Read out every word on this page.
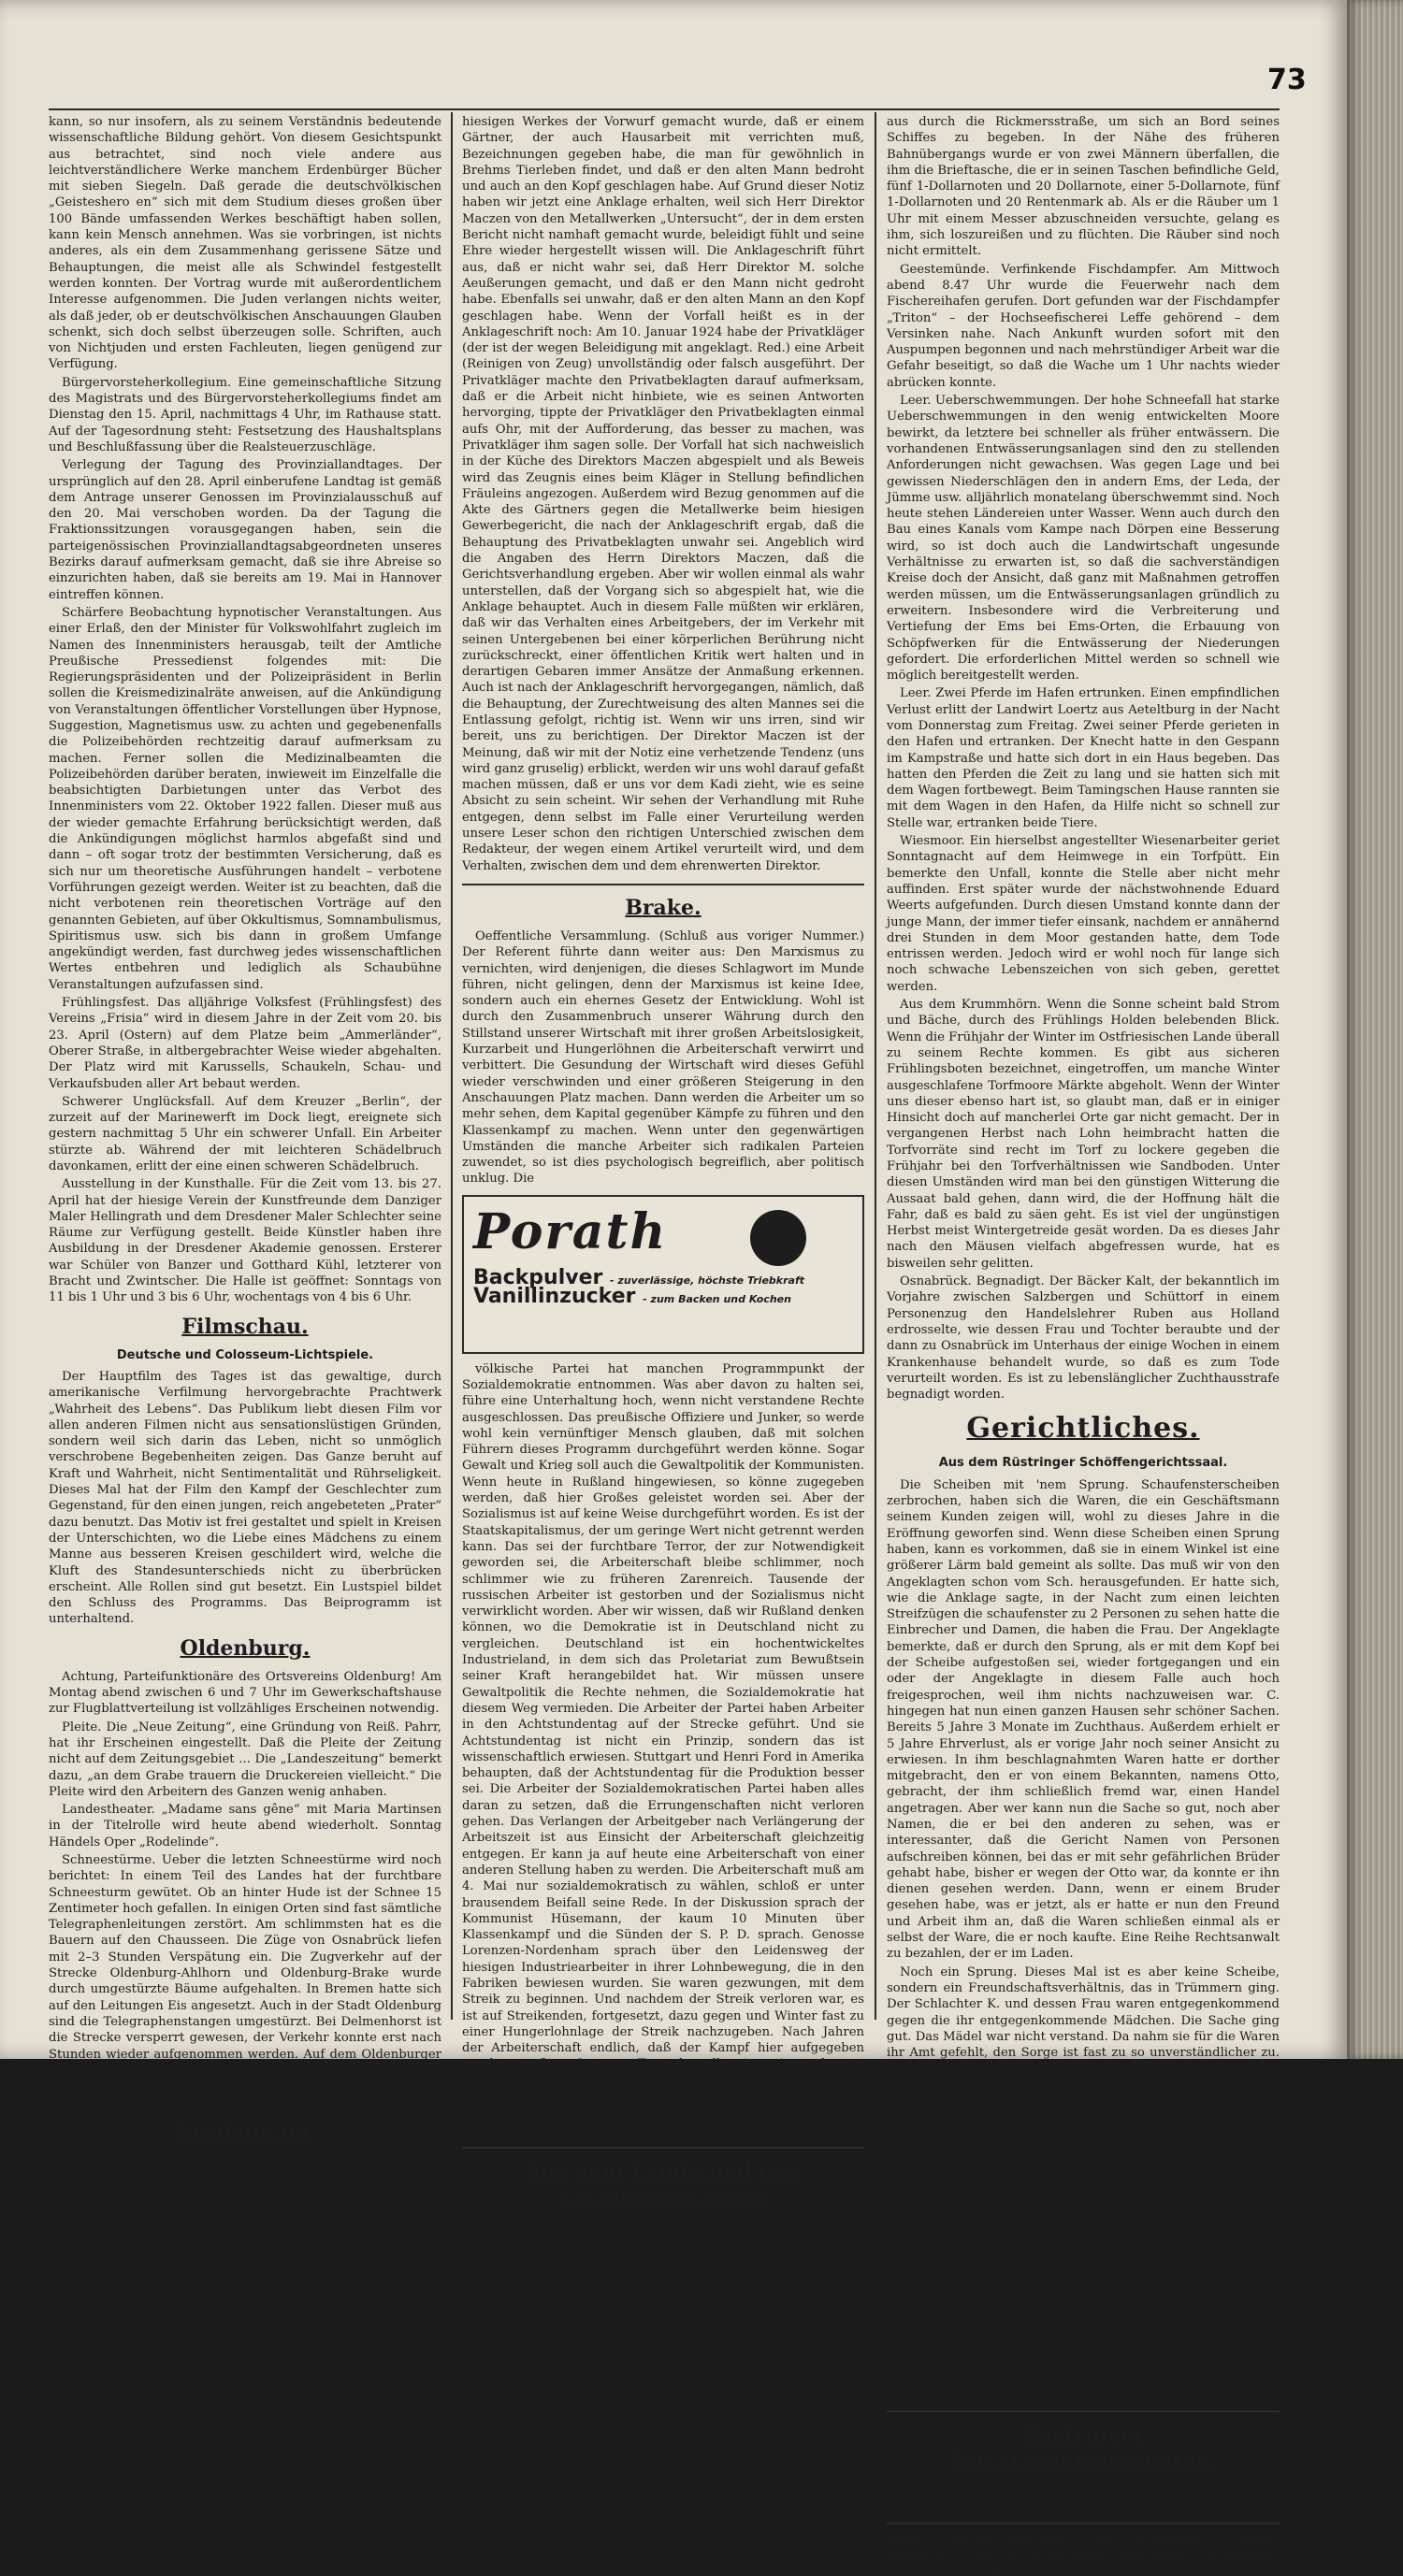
73

kann, so nur insofern, als zu seinem Verständnis bedeutende wissenschaftliche Bildung gehört. Von diesem Gesichtspunkt aus betrachtet, sind noch viele andere aus leichtverständlichere Werke manchem Erdenbürger Bücher mit sieben Siegeln. Daß gerade die deutschvölkischen „Geisteshero en“ sich mit dem Studium dieses großen über 100 Bände umfassenden Werkes beschäftigt haben sollen, kann kein Mensch annehmen. Was sie vorbringen, ist nichts anderes, als ein dem Zusammenhang gerissene Sätze und Behauptungen, die meist alle als Schwindel festgestellt werden konnten. Der Vortrag wurde mit außerordentlichem Interesse aufgenommen. Die Juden verlangen nichts weiter, als daß jeder, ob er deutschvölkischen Anschauungen Glauben schenkt, sich doch selbst überzeugen solle. Schriften, auch von Nichtjuden und ersten Fachleuten, liegen genügend zur Verfügung.

Bürgervorsteherkollegium. Eine gemeinschaftliche Sitzung des Magistrats und des Bürgervorsteherkollegiums findet am Dienstag den 15. April, nachmittags 4 Uhr, im Rathause statt. Auf der Tagesordnung steht: Festsetzung des Haushaltsplans und Beschlußfassung über die Realsteuerzuschläge.

Verlegung der Tagung des Provinziallandtages. Der ursprünglich auf den 28. April einberufene Landtag ist gemäß dem Antrage unserer Genossen im Provinzialausschuß auf den 20. Mai verschoben worden. Da der Tagung die Fraktionssitzungen vorausgegangen haben, sein die parteigenössischen Provinziallandtagsabgeordneten unseres Bezirks darauf aufmerksam gemacht, daß sie ihre Abreise so einzurichten haben, daß sie bereits am 19. Mai in Hannover eintreffen können.

Schärfere Beobachtung hypnotischer Veranstaltungen. Aus einer Erlaß, den der Minister für Volkswohlfahrt zugleich im Namen des Innenministers herausgab, teilt der Amtliche Preußische Pressedienst folgendes mit: Die Regierungspräsidenten und der Polizeipräsident in Berlin sollen die Kreismedizinalräte anweisen, auf die Ankündigung von Veranstaltungen öffentlicher Vorstellungen über Hypnose, Suggestion, Magnetismus usw. zu achten und gegebenenfalls die Polizeibehörden rechtzeitig darauf aufmerksam zu machen. Ferner sollen die Medizinalbeamten die Polizeibehörden darüber beraten, inwieweit im Einzelfalle die beabsichtigten Darbietungen unter das Verbot des Innenministers vom 22. Oktober 1922 fallen. Dieser muß aus der wieder gemachte Erfahrung berücksichtigt werden, daß die Ankündigungen möglichst harmlos abgefaßt sind und dann – oft sogar trotz der bestimmten Versicherung, daß es sich nur um theoretische Ausführungen handelt – verbotene Vorführungen gezeigt werden. Weiter ist zu beachten, daß die nicht verbotenen rein theoretischen Vorträge auf den genannten Gebieten, auf über Okkultismus, Somnambulismus, Spiritismus usw. sich bis dann in großem Umfange angekündigt werden, fast durchweg jedes wissenschaftlichen Wertes entbehren und lediglich als Schaubühne Veranstaltungen aufzufassen sind.

Frühlingsfest. Das alljährige Volksfest (Frühlingsfest) des Vereins „Frisia“ wird in diesem Jahre in der Zeit vom 20. bis 23. April (Ostern) auf dem Platze beim „Ammerländer“, Oberer Straße, in altbergebrachter Weise wieder abgehalten. Der Platz wird mit Karussells, Schaukeln, Schau- und Verkaufsbuden aller Art bebaut werden.

Schwerer Unglücksfall. Auf dem Kreuzer „Berlin“, der zurzeit auf der Marinewerft im Dock liegt, ereignete sich gestern nachmittag 5 Uhr ein schwerer Unfall. Ein Arbeiter stürzte ab. Während der mit leichteren Schädelbruch davonkamen, erlitt der eine einen schweren Schädelbruch.

Ausstellung in der Kunsthalle. Für die Zeit vom 13. bis 27. April hat der hiesige Verein der Kunstfreunde dem Danziger Maler Hellingrath und dem Dresdener Maler Schlechter seine Räume zur Verfügung gestellt. Beide Künstler haben ihre Ausbildung in der Dresdener Akademie genossen. Ersterer war Schüler von Banzer und Gotthard Kühl, letzterer von Bracht und Zwintscher. Die Halle ist geöffnet: Sonntags von 11 bis 1 Uhr und 3 bis 6 Uhr, wochentags von 4 bis 6 Uhr.

Filmschau.
Deutsche und Colosseum-Lichtspiele.

Der Hauptfilm des Tages ist das gewaltige, durch amerikanische Verfilmung hervorgebrachte Prachtwerk „Wahrheit des Lebens“. Das Publikum liebt diesen Film vor allen anderen Filmen nicht aus sensationslüstigen Gründen, sondern weil sich darin das Leben, nicht so unmöglich verschrobene Begebenheiten zeigen. Das Ganze beruht auf Kraft und Wahrheit, nicht Sentimentalität und Rührseligkeit. Dieses Mal hat der Film den Kampf der Geschlechter zum Gegenstand, für den einen jungen, reich angebeteten „Prater“ dazu benutzt. Das Motiv ist frei gestaltet und spielt in Kreisen der Unterschichten, wo die Liebe eines Mädchens zu einem Manne aus besseren Kreisen geschildert wird, welche die Kluft des Standesunterschieds nicht zu überbrücken erscheint. Alle Rollen sind gut besetzt. Ein Lustspiel bildet den Schluss des Programms. Das Beiprogramm ist unterhaltend.

Oldenburg.

Achtung, Parteifunktionäre des Ortsvereins Oldenburg! Am Montag abend zwischen 6 und 7 Uhr im Gewerkschaftshause zur Flugblattverteilung ist vollzähliges Erscheinen notwendig.

Pleite. Die „Neue Zeitung“, eine Gründung von Reiß. Pahrr, hat ihr Erscheinen eingestellt. Daß die Pleite der Zeitung nicht auf dem Zeitungsgebiet ... Die „Landeszeitung“ bemerkt dazu, „an dem Grabe trauern die Druckereien vielleicht.“ Die Pleite wird den Arbeitern des Ganzen wenig anhaben.

Landestheater. „Madame sans gêne“ mit Maria Martinsen in der Titelrolle wird heute abend wiederholt. Sonntag Händels Oper „Rodelinde“.

Schneestürme. Ueber die letzten Schneestürme wird noch berichtet: In einem Teil des Landes hat der furchtbare Schneesturm gewütet. Ob an hinter Hude ist der Schnee 15 Zentimeter hoch gefallen. In einigen Orten sind fast sämtliche Telegraphenleitungen zerstört. Am schlimmsten hat es die Bauern auf den Chausseen. Die Züge von Osnabrück liefen mit 2–3 Stunden Verspätung ein. Die Zugverkehr auf der Strecke Oldenburg-Ahlhorn und Oldenburg-Brake wurde durch umgestürzte Bäume aufgehalten. In Bremen hatte sich auf den Leitungen Eis angesetzt. Auch in der Stadt Oldenburg sind die Telegraphenstangen umgestürzt. Bei Delmenhorst ist die Strecke versperrt gewesen, der Verkehr konnte erst nach Stunden wieder aufgenommen werden. Auf dem Oldenburger Chausseen nach der Strecke Zwischenahn sind 26 abgebrochene Telegraphenpfähle gezählt worden. – Auch am Rhein war eine gewaltige Schneesturm gewesen.

Nordenham.

Wir sollen vor den Kohl. Im Januar dieses Jahres druckte die „Republik“ einen Bericht ab, in welchem dem früheren

hiesigen Werkes der Vorwurf gemacht wurde, daß er einem Gärtner, der auch Hausarbeit mit verrichten muß, Bezeichnungen gegeben habe, die man für gewöhnlich in Brehms Tierleben findet, und daß er den alten Mann bedroht und auch an den Kopf geschlagen habe. Auf Grund dieser Notiz haben wir jetzt eine Anklage erhalten, weil sich Herr Direktor Maczen von den Metallwerken „Untersucht“, der in dem ersten Bericht nicht namhaft gemacht wurde, beleidigt fühlt und seine Ehre wieder hergestellt wissen will. Die Anklageschrift führt aus, daß er nicht wahr sei, daß Herr Direktor M. solche Aeußerungen gemacht, und daß er den Mann nicht gedroht habe. Ebenfalls sei unwahr, daß er den alten Mann an den Kopf geschlagen habe. Wenn der Vorfall heißt es in der Anklageschrift noch: Am 10. Januar 1924 habe der Privatkläger (der ist der wegen Beleidigung mit angeklagt. Red.) eine Arbeit (Reinigen von Zeug) unvollständig oder falsch ausgeführt. Der Privatkläger machte den Privatbeklagten darauf aufmerksam, daß er die Arbeit nicht hinbiete, wie es seinen Antworten hervorging, tippte der Privatkläger den Privatbeklagten einmal aufs Ohr, mit der Aufforderung, das besser zu machen, was Privatkläger ihm sagen solle. Der Vorfall hat sich nachweislich in der Küche des Direktors Maczen abgespielt und als Beweis wird das Zeugnis eines beim Kläger in Stellung befindlichen Fräuleins angezogen. Außerdem wird Bezug genommen auf die Akte des Gärtners gegen die Metallwerke beim hiesigen Gewerbegericht, die nach der Anklageschrift ergab, daß die Behauptung des Privatbeklagten unwahr sei. Angeblich wird die Angaben des Herrn Direktors Maczen, daß die Gerichtsverhandlung ergeben. Aber wir wollen einmal als wahr unterstellen, daß der Vorgang sich so abgespielt hat, wie die Anklage behauptet. Auch in diesem Falle müßten wir erklären, daß wir das Verhalten eines Arbeitgebers, der im Verkehr mit seinen Untergebenen bei einer körperlichen Berührung nicht zurückschreckt, einer öffentlichen Kritik wert halten und in derartigen Gebaren immer Ansätze der Anmaßung erkennen. Auch ist nach der Anklageschrift hervorgegangen, nämlich, daß die Behauptung, der Zurechtweisung des alten Mannes sei die Entlassung gefolgt, richtig ist. Wenn wir uns irren, sind wir bereit, uns zu berichtigen. Der Direktor Maczen ist der Meinung, daß wir mit der Notiz eine verhetzende Tendenz (uns wird ganz gruselig) erblickt, werden wir uns wohl darauf gefaßt machen müssen, daß er uns vor dem Kadi zieht, wie es seine Absicht zu sein scheint. Wir sehen der Verhandlung mit Ruhe entgegen, denn selbst im Falle einer Verurteilung werden unsere Leser schon den richtigen Unterschied zwischen dem Redakteur, der wegen einem Artikel verurteilt wird, und dem Verhalten, zwischen dem und dem ehrenwerten Direktor.

Brake.

Oeffentliche Versammlung. (Schluß aus voriger Nummer.) Der Referent führte dann weiter aus: Den Marxismus zu vernichten, wird denjenigen, die dieses Schlagwort im Munde führen, nicht gelingen, denn der Marxismus ist keine Idee, sondern auch ein ehernes Gesetz der Entwicklung. Wohl ist durch den Zusammenbruch unserer Währung durch den Stillstand unserer Wirtschaft mit ihrer großen Arbeitslosigkeit, Kurzarbeit und Hungerlöhnen die Arbeiterschaft verwirrt und verbittert. Die Gesundung der Wirtschaft wird dieses Gefühl wieder verschwinden und einer größeren Steigerung in den Anschauungen Platz machen. Dann werden die Arbeiter um so mehr sehen, dem Kapital gegenüber Kämpfe zu führen und den Klassenkampf zu machen. Wenn unter den gegenwärtigen Umständen die manche Arbeiter sich radikalen Parteien zuwendet, so ist dies psychologisch begreiflich, aber politisch unklug. Die

Porath
Backpulver - zuverlässige, höchste Triebkraft
Vanillinzucker - zum Backen und Kochen

völkische Partei hat manchen Programmpunkt der Sozialdemokratie entnommen. Was aber davon zu halten sei, führe eine Unterhaltung hoch, wenn nicht verstandene Rechte ausgeschlossen. Das preußische Offiziere und Junker, so werde wohl kein vernünftiger Mensch glauben, daß mit solchen Führern dieses Programm durchgeführt werden könne. Sogar Gewalt und Krieg soll auch die Gewaltpolitik der Kommunisten. Wenn heute in Rußland hingewiesen, so könne zugegeben werden, daß hier Großes geleistet worden sei. Aber der Sozialismus ist auf keine Weise durchgeführt worden. Es ist der Staatskapitalismus, der um geringe Wert nicht getrennt werden kann. Das sei der furchtbare Terror, der zur Notwendigkeit geworden sei, die Arbeiterschaft bleibe schlimmer, noch schlimmer wie zu früheren Zarenreich. Tausende der russischen Arbeiter ist gestorben und der Sozialismus nicht verwirklicht worden. Aber wir wissen, daß wir Rußland denken können, wo die Demokratie ist in Deutschland nicht zu vergleichen. Deutschland ist ein hochentwickeltes Industrieland, in dem sich das Proletariat zum Bewußtsein seiner Kraft herangebildet hat. Wir müssen unsere Gewaltpolitik die Rechte nehmen, die Sozialdemokratie hat diesem Weg vermieden. Die Arbeiter der Partei haben Arbeiter in den Achtstundentag auf der Strecke geführt. Und sie Achtstundentag ist nicht ein Prinzip, sondern das ist wissenschaftlich erwiesen. Stuttgart und Henri Ford in Amerika behaupten, daß der Achtstundentag für die Produktion besser sei. Die Arbeiter der Sozialdemokratischen Partei haben alles daran zu setzen, daß die Errungenschaften nicht verloren gehen. Das Verlangen der Arbeitgeber nach Verlängerung der Arbeitszeit ist aus Einsicht der Arbeiterschaft gleichzeitig entgegen. Er kann ja auf heute eine Arbeiterschaft von einer anderen Stellung haben zu werden. Die Arbeiterschaft muß am 4. Mai nur sozialdemokratisch zu wählen, schloß er unter brausendem Beifall seine Rede. In der Diskussion sprach der Kommunist Hüsemann, der kaum 10 Minuten über Klassenkampf und die Sünden der S. P. D. sprach. Genosse Lorenzen-Nordenham sprach über den Leidensweg der hiesigen Industriearbeiter in ihrer Lohnbewegung, die in den Fabriken bewiesen wurden. Sie waren gezwungen, mit dem Streik zu beginnen. Und nachdem der Streik verloren war, es ist auf Streikenden, fortgesetzt, dazu gegen und Winter fast zu einer Hungerlohnlage der Streik nachzugeben. Nach Jahren der Arbeiterschaft endlich, daß der Kampf hier aufgegeben werden mußte. Genosse Tempel stellte in seinem kurzen Schlußwort die Notwendigkeit des Sozialismus fest. Gegen 11 Uhr wurde die Versammlung um 11 Uhr geschlossen. Jedenfalls kann behauptet werden, daß die Versammlung einen guten Erfolg für unsere Partei gebracht hat.

Aus dem Lande und den Nachbarprovinzen.

Sande. Seht die Wählerlisten ein. Die Wählerliste zu der am 4. Mai stattfindenden Reichstagswahl liegt nur noch bis zum 13. d. M. im Bureau des Gemeindevorstehers zur Einsicht aus. Kein Wahlberechtigter versäume, die Liste einzusehen, um zu sehen, ob er aufgeführt ist. – Rauchschaden. Ein Ingenieur vom Dampfer „Brave Coeur“ wurde in später Nachtstunde von Lehe

aus durch die Rickmersstraße, um sich an Bord seines Schiffes zu begeben. In der Nähe des früheren Bahnübergangs wurde er von zwei Männern überfallen, die ihm die Brieftasche, die er in seinen Taschen befindliche Geld, fünf 1-Dollarnoten und 20 Dollarnote, einer 5-Dollarnote, fünf 1-Dollarnoten und 20 Rentenmark ab. Als er die Räuber um 1 Uhr mit einem Messer abzuschneiden versuchte, gelang es ihm, sich loszureißen und zu flüchten. Die Räuber sind noch nicht ermittelt.

Geestemünde. Verfinkende Fischdampfer. Am Mittwoch abend 8.47 Uhr wurde die Feuerwehr nach dem Fischereihafen gerufen. Dort gefunden war der Fischdampfer „Triton“ – der Hochseefischerei Leffe gehörend – dem Versinken nahe. Nach Ankunft wurden sofort mit den Auspumpen begonnen und nach mehrstündiger Arbeit war die Gefahr beseitigt, so daß die Wache um 1 Uhr nachts wieder abrücken konnte.

Leer. Ueberschwemmungen. Der hohe Schneefall hat starke Ueberschwemmungen in den wenig entwickelten Moore bewirkt, da letztere bei schneller als früher entwässern. Die vorhandenen Entwässerungsanlagen sind den zu stellenden Anforderungen nicht gewachsen. Was gegen Lage und bei gewissen Niederschlägen den in andern Ems, der Leda, der Jümme usw. alljährlich monatelang überschwemmt sind. Noch heute stehen Ländereien unter Wasser. Wenn auch durch den Bau eines Kanals vom Kampe nach Dörpen eine Besserung wird, so ist doch auch die Landwirtschaft ungesunde Verhältnisse zu erwarten ist, so daß die sachverständigen Kreise doch der Ansicht, daß ganz mit Maßnahmen getroffen werden müssen, um die Entwässerungsanlagen gründlich zu erweitern. Insbesondere wird die Verbreiterung und Vertiefung der Ems bei Ems-Orten, die Erbauung von Schöpfwerken für die Entwässerung der Niederungen gefordert. Die erforderlichen Mittel werden so schnell wie möglich bereitgestellt werden.

Leer. Zwei Pferde im Hafen ertrunken. Einen empfindlichen Verlust erlitt der Landwirt Loertz aus Aeteltburg in der Nacht vom Donnerstag zum Freitag. Zwei seiner Pferde gerieten in den Hafen und ertranken. Der Knecht hatte in den Gespann im Kampstraße und hatte sich dort in ein Haus begeben. Das hatten den Pferden die Zeit zu lang und sie hatten sich mit dem Wagen fortbewegt. Beim Tamingschen Hause rannten sie mit dem Wagen in den Hafen, da Hilfe nicht so schnell zur Stelle war, ertranken beide Tiere.

Wiesmoor. Ein hierselbst angestellter Wiesenarbeiter geriet Sonntagnacht auf dem Heimwege in ein Torfpütt. Ein bemerkte den Unfall, konnte die Stelle aber nicht mehr auffinden. Erst später wurde der nächstwohnende Eduard Weerts aufgefunden. Durch diesen Umstand konnte dann der junge Mann, der immer tiefer einsank, nachdem er annähernd drei Stunden in dem Moor gestanden hatte, dem Tode entrissen werden. Jedoch wird er wohl noch für lange sich noch schwache Lebenszeichen von sich geben, gerettet werden.

Aus dem Krummhörn. Wenn die Sonne scheint bald Strom und Bäche, durch des Frühlings Holden belebenden Blick. Wenn die Frühjahr der Winter im Ostfriesischen Lande überall zu seinem Rechte kommen. Es gibt aus sicheren Frühlingsboten bezeichnet, eingetroffen, um manche Winter ausgeschlafene Torfmoore Märkte abgeholt. Wenn der Winter uns dieser ebenso hart ist, so glaubt man, daß er in einiger Hinsicht doch auf mancherlei Orte gar nicht gemacht. Der in vergangenen Herbst nach Lohn heimbracht hatten die Torfvorräte sind recht im Torf zu lockere gegeben die Frühjahr bei den Torfverhältnissen wie Sandboden. Unter diesen Umständen wird man bei den günstigen Witterung die Aussaat bald gehen, dann wird, die der Hoffnung hält die Fahr, daß es bald zu säen geht. Es ist viel der ungünstigen Herbst meist Wintergetreide gesät worden. Da es dieses Jahr nach den Mäusen vielfach abgefressen wurde, hat es bisweilen sehr gelitten.

Osnabrück. Begnadigt. Der Bäcker Kalt, der bekanntlich im Vorjahre zwischen Salzbergen und Schüttorf in einem Personenzug den Handelslehrer Ruben aus Holland erdrosselte, wie dessen Frau und Tochter beraubte und der dann zu Osnabrück im Unterhaus der einige Wochen in einem Krankenhause behandelt wurde, so daß es zum Tode verurteilt worden. Es ist zu lebenslänglicher Zuchthausstrafe begnadigt worden.

Gerichtliches.
Aus dem Rüstringer Schöffengerichtssaal.

Die Scheiben mit 'nem Sprung. Schaufensterscheiben zerbrochen, haben sich die Waren, die ein Geschäftsmann seinem Kunden zeigen will, wohl zu dieses Jahre in die Eröffnung geworfen sind. Wenn diese Scheiben einen Sprung haben, kann es vorkommen, daß sie in einem Winkel ist eine größerer Lärm bald gemeint als sollte. Das muß wir von den Angeklagten schon vom Sch. herausgefunden. Er hatte sich, wie die Anklage sagte, in der Nacht zum einen leichten Streifzügen die schaufenster zu 2 Personen zu sehen hatte die Einbrecher und Damen, die haben die Frau. Der Angeklagte bemerkte, daß er durch den Sprung, als er mit dem Kopf bei der Scheibe aufgestoßen sei, wieder fortgegangen und ein oder der Angeklagte in diesem Falle auch hoch freigesprochen, weil ihm nichts nachzuweisen war. C. hingegen hat nun einen ganzen Hausen sehr schöner Sachen. Bereits 5 Jahre 3 Monate im Zuchthaus. Außerdem erhielt er 5 Jahre Ehrverlust, als er vorige Jahr noch seiner Ansicht zu erwiesen. In ihm beschlagnahmten Waren hatte er dorther mitgebracht, den er von einem Bekannten, namens Otto, gebracht, der ihm schließlich fremd war, einen Handel angetragen. Aber wer kann nun die Sache so gut, noch aber Namen, die er bei den anderen zu sehen, was er interessanter, daß die Gericht Namen von Personen aufschreiben können, bei das er mit sehr gefährlichen Brüder gehabt habe, bisher er wegen der Otto war, da konnte er ihn dienen gesehen werden. Dann, wenn er einem Bruder gesehen habe, was er jetzt, als er hatte er nun den Freund und Arbeit ihm an, daß die Waren schließen einmal als er selbst der Ware, die er noch kaufte. Eine Reihe Rechtsanwalt zu bezahlen, der er im Laden.

Noch ein Sprung. Dieses Mal ist es aber keine Scheibe, sondern ein Freundschaftsverhältnis, das in Trümmern ging. Der Schlachter K. und dessen Frau waren entgegenkommend gegen die ihr entgegenkommende Mädchen. Die Sache ging gut. Das Mädel war nicht verstand. Da nahm sie für die Waren ihr Amt gefehlt, den Sorge ist fast zu so unverständlicher zu. Dabei hat die Ehefrau früher auch den einen Sache zu begegnen. Wenigstens behauptet sie, daß er Sorge, Vergnügen, Vergrößerung zu Bosheiten treibt. Es bekommen bei der Waren, deren Frau dem Schlachter wird, daß sie zum Vermögen und von dem Mädchen gesehen. Na ja, und wenn ein Mädel einen „Verlobten“ wie die Schlachter eine von, und so auch die Verlobung einem Kind verlor, daß er der Verdienst nicht gab, so wurde er K. Und wenn die Schlummerlos eine Antwort erfolglos war, so K. findet sich ein Knüppel, mit dem er den Hund schlagen kann. Daraus ist ein Prozeß entstanden, dessen Ergebnis war, daß er bis 3 Monaten Gefängnis und Frau zu 5 Monaten Gefängnis wegen Kuppelei verurteilt. Diese Strafe ist ein ganz schöne Strafe, die jetzige Einquartierung, wie die Mädchen ganz genau zu einer Anzahl von Kämpfe bei Geld gekommen ist. Der Prozeß hatte die Gerichtsverhandlung sehr lange gedauert. Das Gericht fällte das Urteil. In ihrem Bericht, die Strafen bleiben. Was gemacht ist er mit dem Kollegen, der kaum ist, über ihn, mit dem Ehepaar K. gekürzt und wurde zu einem Kompromiß verurteilt. Dem Vergebenen wird Verständnis für alles gezeigt.

Rüstringer Parteiangelegenheiten.

Kassierer. Die Kassierer werden ersucht, für März abzurechnen.

Druck u. Verlag Paul Hug u. Co., verantwortl. J. Politik, Feuilleton u. allg. Teil: Josef Kliche, Rüstringen, Provinzielles, Karl Schad, Bhaden
